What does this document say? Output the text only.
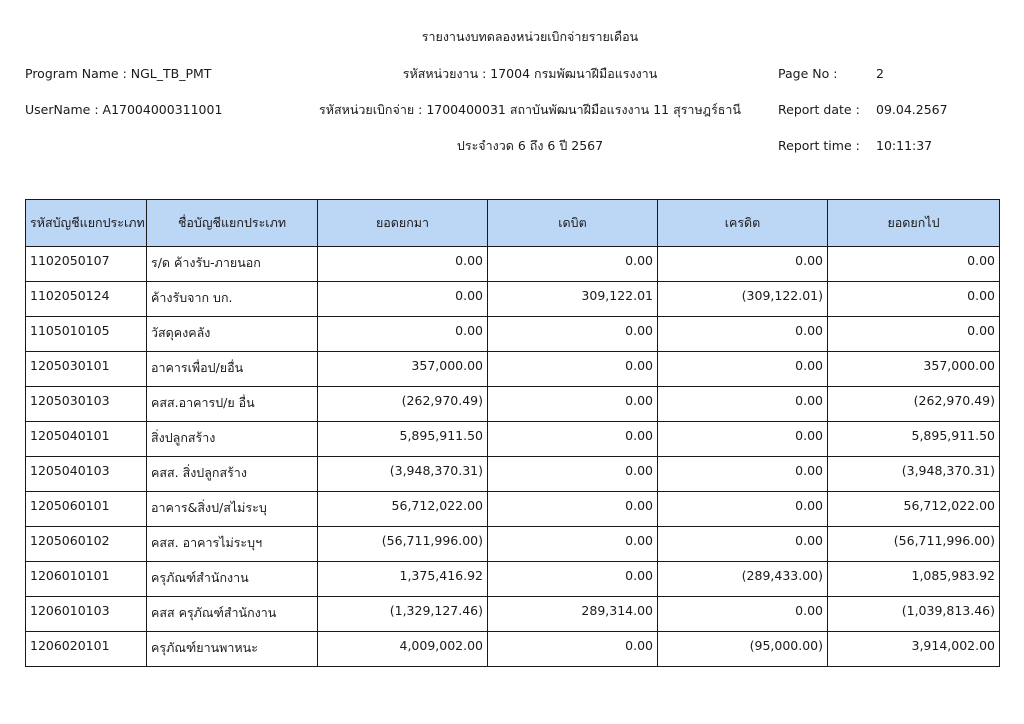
รายงานงบทดลองหน่วยเบิกจ่ายรายเดือน
Program Name : NGL_TB_PMT	รหัสหน่วยงาน : 17004 กรมพัฒนาฝีมือแรงงาน	Page No :	2
UserName : A17004000311001	รหัสหน่วยเบิกจ่าย : 1700400031 สถาบันพัฒนาฝีมือแรงงาน 11 สุราษฎร์ธานี	Report date : 09.04.2567
ประจำงวด 6 ถึง 6 ปี 2567	Report time : 10:11:37
รหัสบัญชีแยกประเภท	ชื่อบัญชีแยกประเภท	ยอดยกมา	เดบิต	เครดิต	ยอดยกไป
1102050107	ร/ด ค้างรับ-ภายนอก	0.00	0.00	0.00	0.00
1102050124	ค้างรับจาก บก.	0.00	309,122.01	(309,122.01)	0.00
1105010105	วัสดุคงคลัง	0.00	0.00	0.00	0.00
1205030101	อาคารเพื่อป/ยอื่น	357,000.00	0.00	0.00	357,000.00
1205030103	คสส.อาคารป/ย อื่น	(262,970.49)	0.00	0.00	(262,970.49)
1205040101	สิ่งปลูกสร้าง	5,895,911.50	0.00	0.00	5,895,911.50
1205040103	คสส. สิ่งปลูกสร้าง	(3,948,370.31)	0.00	0.00	(3,948,370.31)
1205060101	อาคาร&สิ่งป/สไม่ระบุ	56,712,022.00	0.00	0.00	56,712,022.00
1205060102	คสส. อาคารไม่ระบุฯ	(56,711,996.00)	0.00	0.00	(56,711,996.00)
1206010101	ครุภัณฑ์สำนักงาน	1,375,416.92	0.00	(289,433.00)	1,085,983.92
1206010103	คสส ครุภัณฑ์สำนักงาน	(1,329,127.46)	289,314.00	0.00	(1,039,813.46)
1206020101	ครุภัณฑ์ยานพาหนะ	4,009,002.00	0.00	(95,000.00)	3,914,002.00
